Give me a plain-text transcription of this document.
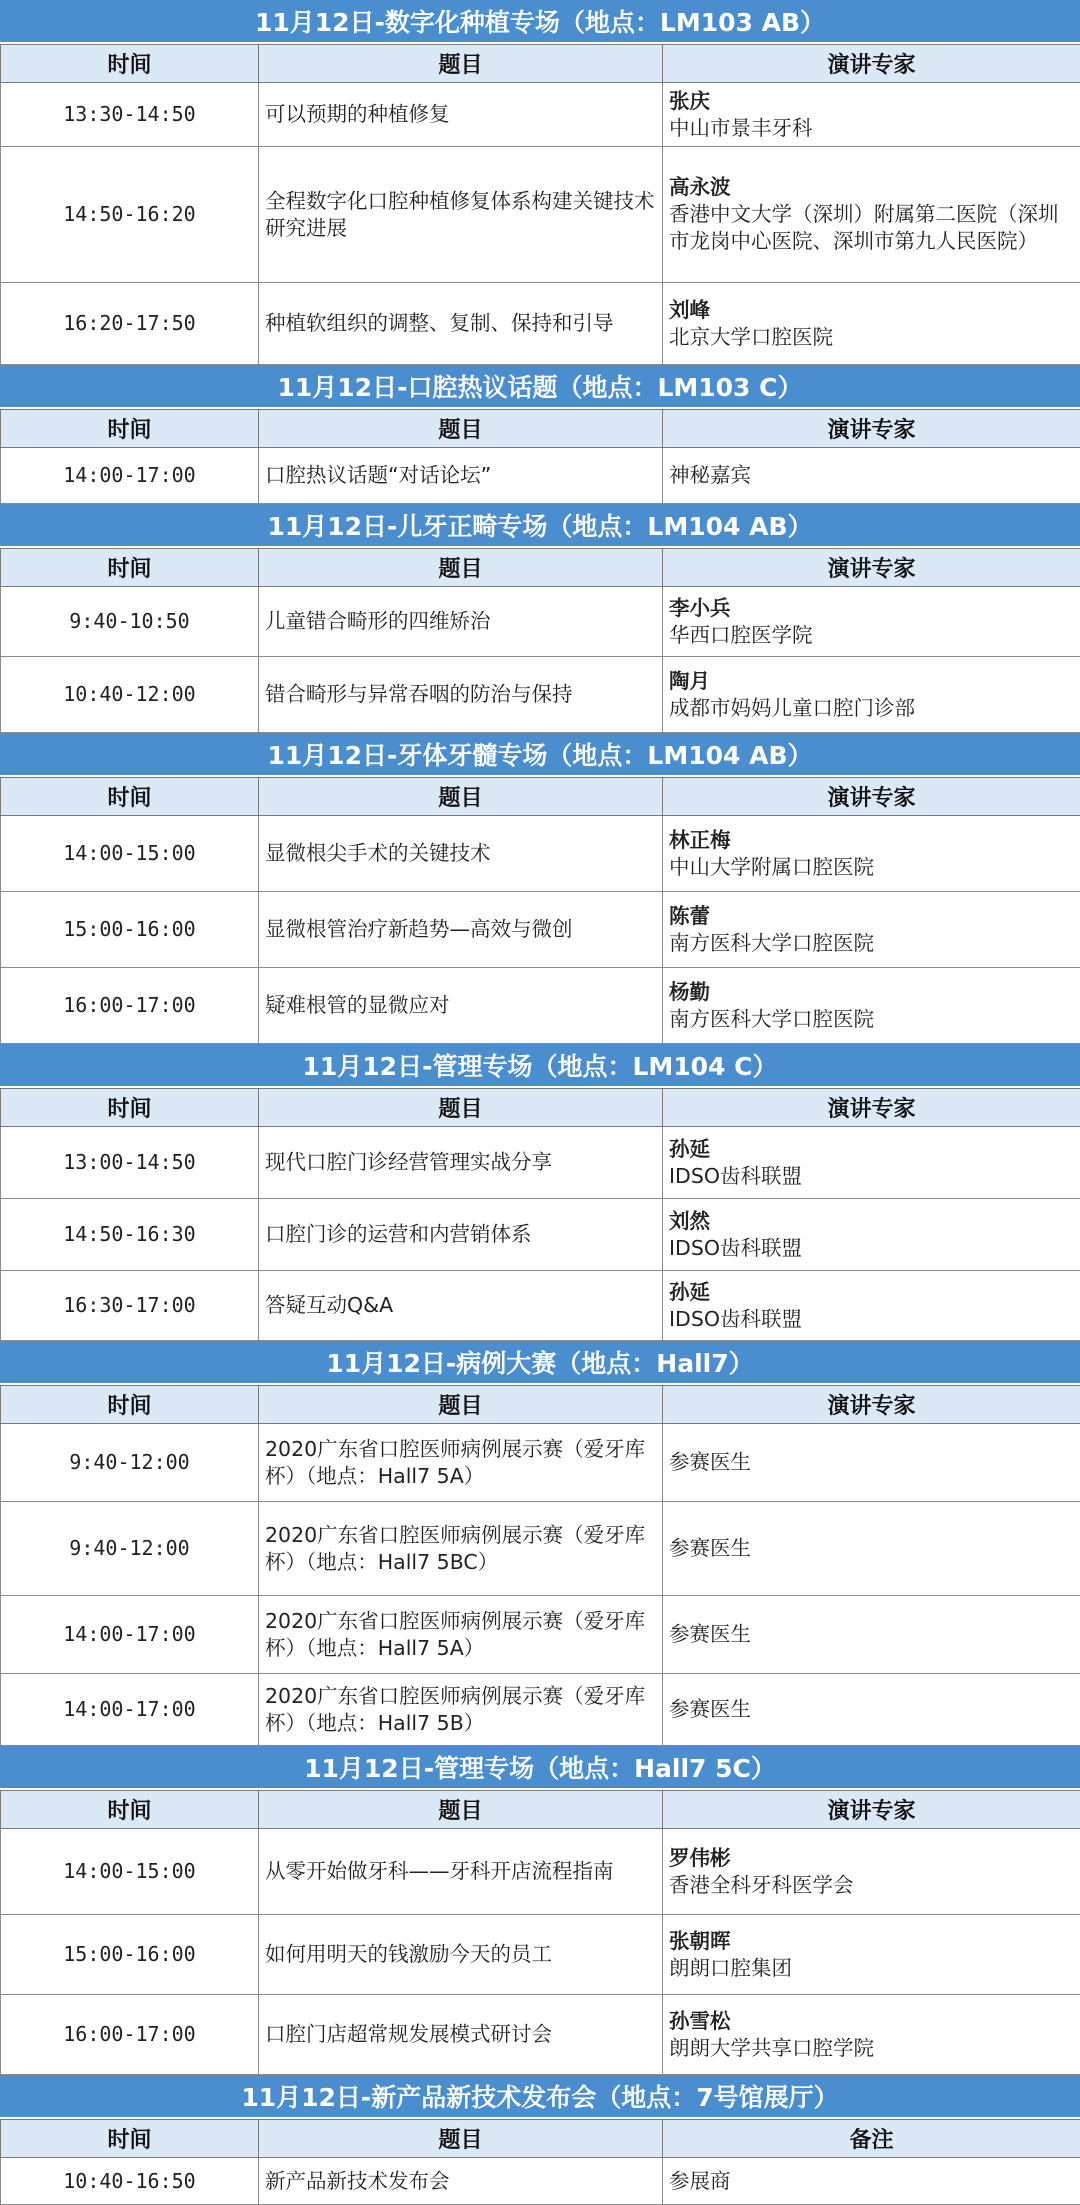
11月12日-数字化种植专场（地点：LM103 AB）
时间	题目	演讲专家
13:30-14:50	可以预期的种植修复	张庆
中山市景丰牙科

14:50-16:20	全程数字化口腔种植修复体系构建关键技术研究进展	高永波
香港中文大学（深圳）附属第二医院（深圳市龙岗中心医院、深圳市第九人民医院）

16:20-17:50	种植软组织的调整、复制、保持和引导	刘峰
北京大学口腔医院
11月12日-口腔热议话题（地点：LM103 C）
时间	题目	演讲专家
14:00-17:00	口腔热议话题“对话论坛”	神秘嘉宾
11月12日-儿牙正畸专场（地点：LM104 AB）
时间	题目	演讲专家
9:40-10:50	儿童错合畸形的四维矫治	李小兵
华西口腔医学院

10:40-12:00	错合畸形与异常吞咽的防治与保持	陶月
成都市妈妈儿童口腔门诊部
11月12日-牙体牙髓专场（地点：LM104 AB）
时间	题目	演讲专家
14:00-15:00	显微根尖手术的关键技术	林正梅
中山大学附属口腔医院

15:00-16:00	显微根管治疗新趋势—高效与微创	陈蕾
南方医科大学口腔医院

16:00-17:00	疑难根管的显微应对	杨勤
南方医科大学口腔医院
11月12日-管理专场（地点：LM104 C）
时间	题目	演讲专家
13:00-14:50	现代口腔门诊经营管理实战分享	孙延
IDSO齿科联盟

14:50-16:30	口腔门诊的运营和内营销体系	刘然
IDSO齿科联盟

16:30-17:00	答疑互动Q&A	孙延
IDSO齿科联盟
11月12日-病例大赛（地点：Hall7）
时间	题目	演讲专家
9:40-12:00	2020广东省口腔医师病例展示赛（爱牙库杯）（地点：Hall7 5A）	参赛医生

9:40-12:00	2020广东省口腔医师病例展示赛（爱牙库杯）（地点：Hall7 5BC）	参赛医生

14:00-17:00	2020广东省口腔医师病例展示赛（爱牙库杯）（地点：Hall7 5A）	参赛医生

14:00-17:00	2020广东省口腔医师病例展示赛（爱牙库杯）（地点：Hall7 5B）	参赛医生
11月12日-管理专场（地点：Hall7 5C）
时间	题目	演讲专家
14:00-15:00	从零开始做牙科——牙科开店流程指南	罗伟彬
香港全科牙科医学会

15:00-16:00	如何用明天的钱激励今天的员工	张朝晖
朗朗口腔集团

16:00-17:00	口腔门店超常规发展模式研讨会	孙雪松
朗朗大学共享口腔学院
11月12日-新产品新技术发布会（地点：7号馆展厅）
时间	题目	备注
10:40-16:50	新产品新技术发布会	参展商
